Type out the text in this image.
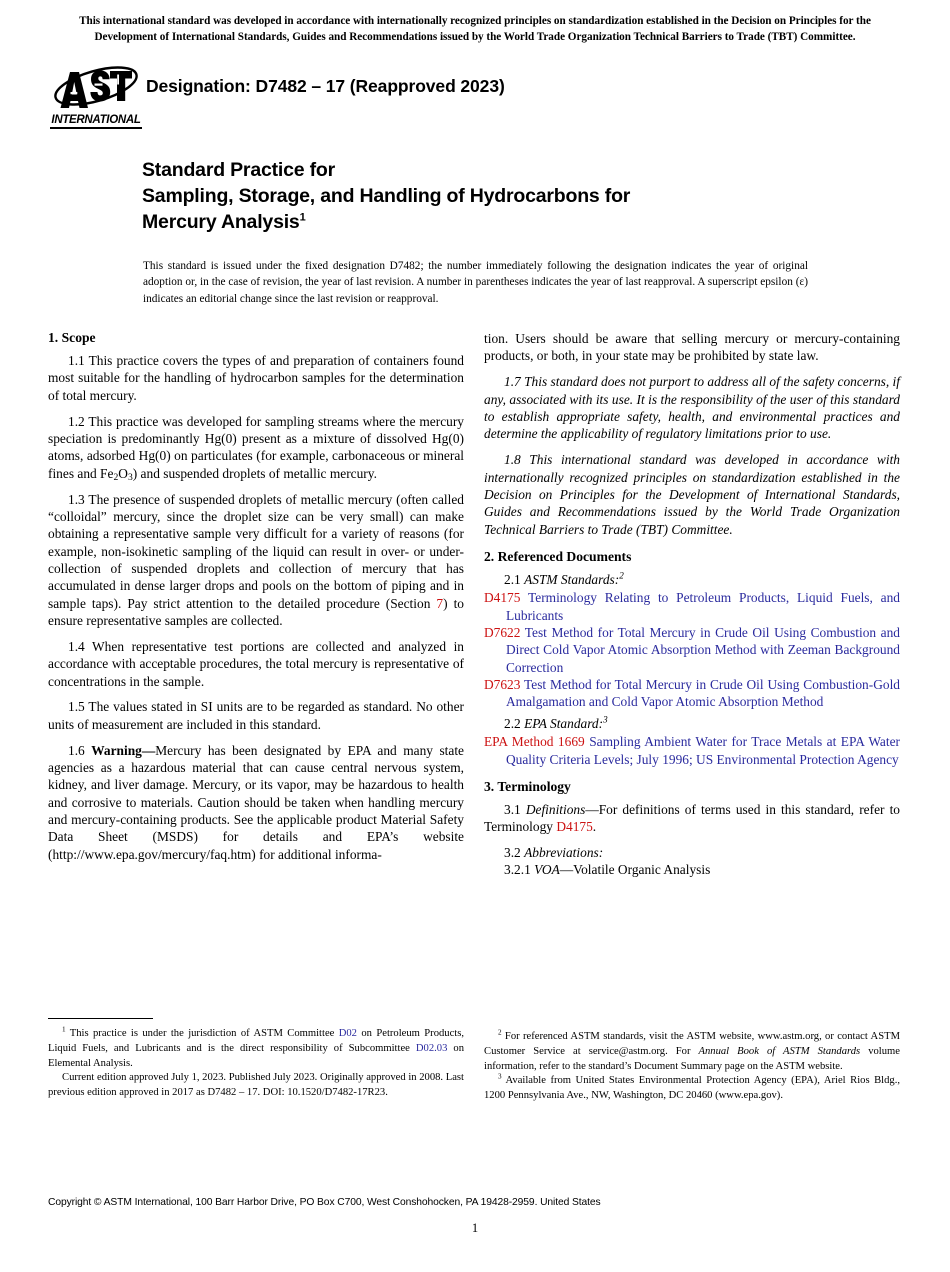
This international standard was developed in accordance with internationally recognized principles on standardization established in the Decision on Principles for the
Development of International Standards, Guides and Recommendations issued by the World Trade Organization Technical Barriers to Trade (TBT) Committee.
INTERNATIONAL
Designation: D7482 – 17 (Reapproved 2023)
Standard Practice for
Sampling, Storage, and Handling of Hydrocarbons for
Mercury Analysis$^1$
This standard is issued under the fixed designation D7482; the number immediately following the designation indicates the year of original adoption or, in the case of revision, the year of last revision. A number in parentheses indicates the year of last reapproval. A superscript epsilon (ε) indicates an editorial change since the last revision or reapproval.
1. Scope

1.1 This practice covers the types of and preparation of containers found most suitable for the handling of hydrocarbon samples for the determination of total mercury.

1.2 This practice was developed for sampling streams where the mercury speciation is predominantly Hg(0) present as a mixture of dissolved Hg(0) atoms, adsorbed Hg(0) on particulates (for example, carbonaceous or mineral fines and $Fe_2O_3$) and suspended droplets of metallic mercury.

1.3 The presence of suspended droplets of metallic mercury (often called “colloidal” mercury, since the droplet size can be very small) can make obtaining a representative sample very difficult for a variety of reasons (for example, non-isokinetic sampling of the liquid can result in over- or under-collection of suspended droplets and collection of mercury that has accumulated in dense larger drops and pools on the bottom of piping and in sample taps). Pay strict attention to the detailed procedure (Section 7) to ensure representative samples are collected.

1.4 When representative test portions are collected and analyzed in accordance with acceptable procedures, the total mercury is representative of concentrations in the sample.

1.5 The values stated in SI units are to be regarded as standard. No other units of measurement are included in this standard.

1.6 Warning—Mercury has been designated by EPA and many state agencies as a hazardous material that can cause central nervous system, kidney, and liver damage. Mercury, or its vapor, may be hazardous to health and corrosive to materials. Caution should be taken when handling mercury and mercury-containing products. See the applicable product Material Safety Data Sheet (MSDS) for details and EPA’s website (http://www.epa.gov/mercury/faq.htm) for additional informa-

tion. Users should be aware that selling mercury or mercury-containing products, or both, in your state may be prohibited by state law.

1.7 This standard does not purport to address all of the safety concerns, if any, associated with its use. It is the responsibility of the user of this standard to establish appropriate safety, health, and environmental practices and determine the applicability of regulatory limitations prior to use.

1.8 This international standard was developed in accordance with internationally recognized principles on standardization established in the Decision on Principles for the Development of International Standards, Guides and Recommendations issued by the World Trade Organization Technical Barriers to Trade (TBT) Committee.

2. Referenced Documents
2.1 ASTM Standards:$^2$
D4175 Terminology Relating to Petroleum Products, Liquid Fuels, and Lubricants
D7622 Test Method for Total Mercury in Crude Oil Using Combustion and Direct Cold Vapor Atomic Absorption Method with Zeeman Background Correction
D7623 Test Method for Total Mercury in Crude Oil Using Combustion-Gold Amalgamation and Cold Vapor Atomic Absorption Method
2.2 EPA Standard:$^3$
EPA Method 1669 Sampling Ambient Water for Trace Metals at EPA Water Quality Criteria Levels; July 1996; US Environmental Protection Agency
3. Terminology

3.1 Definitions—For definitions of terms used in this standard, refer to Terminology D4175.

3.2 Abbreviations:

3.2.1 VOA—Volatile Organic Analysis

$^1$ This practice is under the jurisdiction of ASTM Committee D02 on Petroleum Products, Liquid Fuels, and Lubricants and is the direct responsibility of Subcommittee D02.03 on Elemental Analysis.

Current edition approved July 1, 2023. Published July 2023. Originally approved in 2008. Last previous edition approved in 2017 as D7482 – 17. DOI: 10.1520/D7482-17R23.

$^2$ For referenced ASTM standards, visit the ASTM website, www.astm.org, or contact ASTM Customer Service at service@astm.org. For Annual Book of ASTM Standards volume information, refer to the standard’s Document Summary page on the ASTM website.

$^3$ Available from United States Environmental Protection Agency (EPA), Ariel Rios Bldg., 1200 Pennsylvania Ave., NW, Washington, DC 20460 (www.epa.gov).

Copyright © ASTM International, 100 Barr Harbor Drive, PO Box C700, West Conshohocken, PA 19428-2959. United States
1
